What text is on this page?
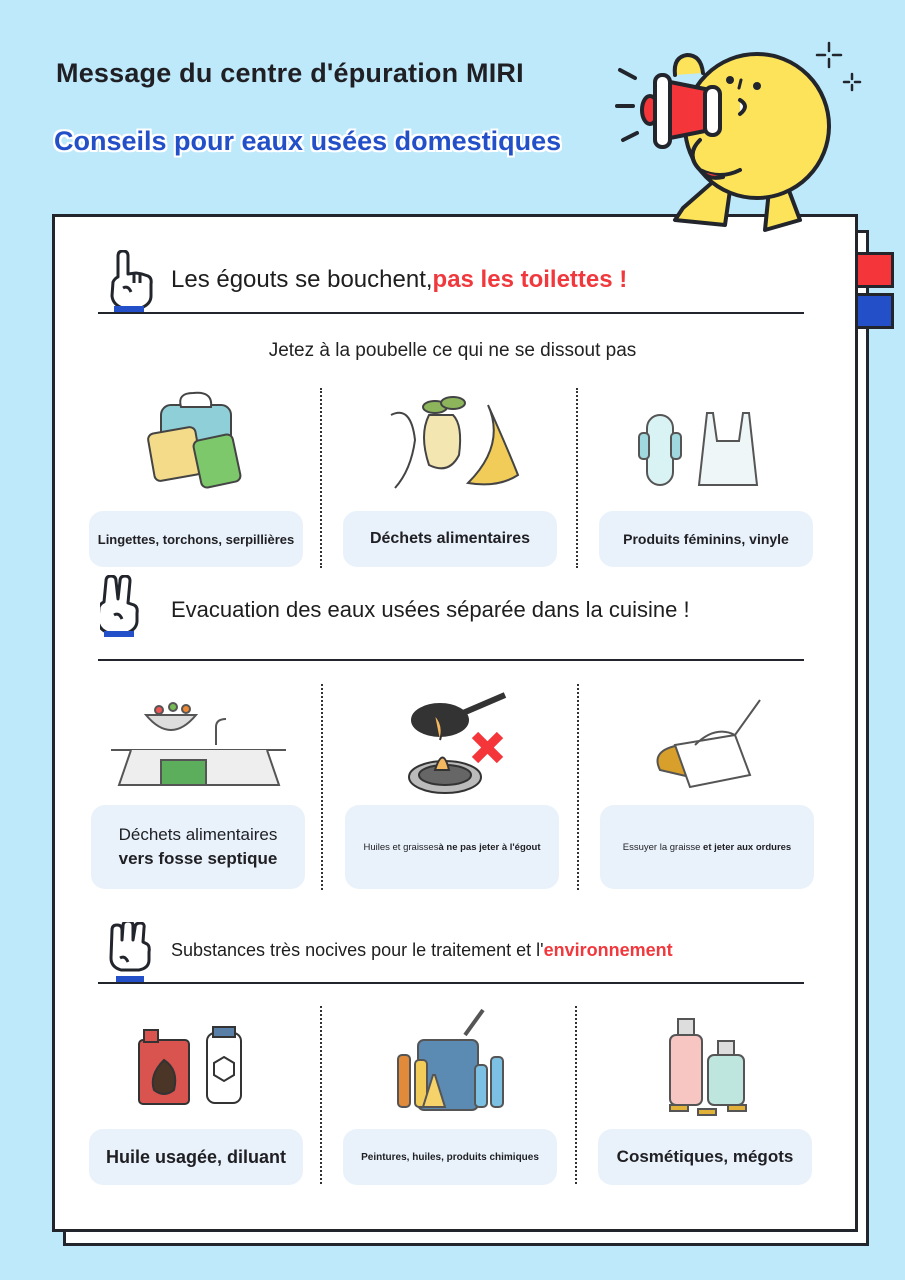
Message du centre d'épuration MIRI
Conseils pour eaux usées domestiques
Les égouts se bouchent,pas les toilettes !
Jetez à la poubelle ce qui ne se dissout pas
Lingettes, torchons, serpillières	Déchets alimentaires	Produits féminins, vinyle
Evacuation des eaux usées séparée dans la cuisine !
Déchets alimentaires
vers fosse septique
Huiles et graissesà ne pas jeter à l'égout	Essuyer la graisse et jeter aux ordures
Substances très nocives pour le traitement et l'environnement
Huile usagée, diluant	Peintures, huiles, produits chimiques	Cosmétiques, mégots
